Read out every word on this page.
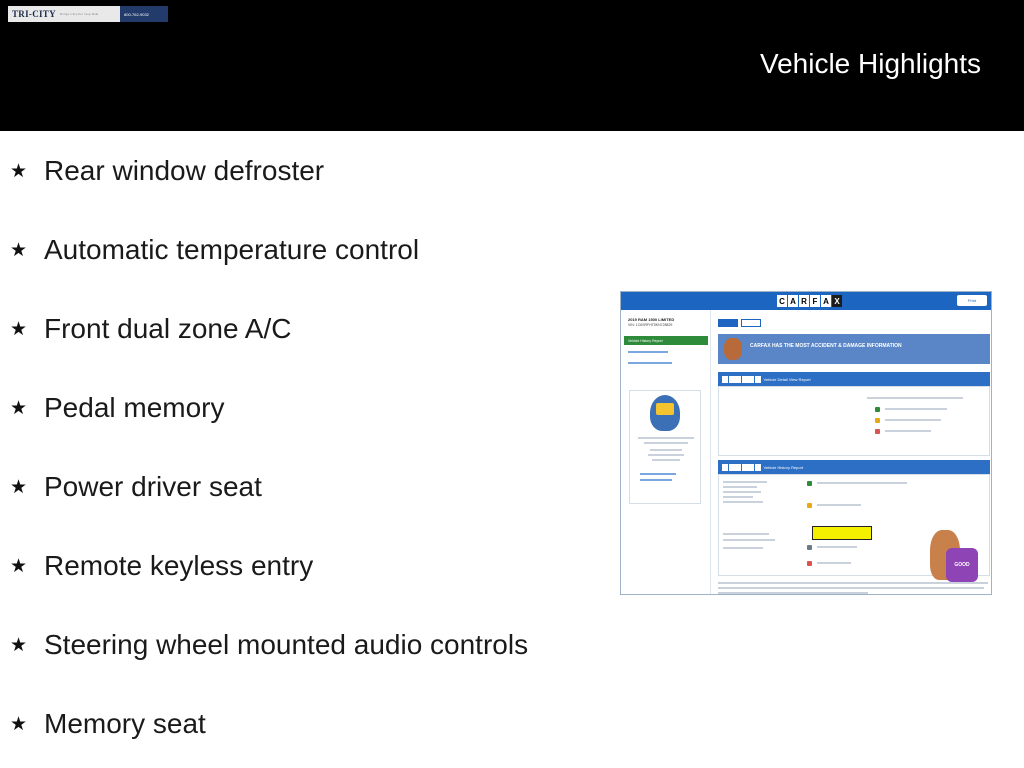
TRI-CITY Dodge Chrysler Jeep Ram	800-762-9032
Vehicle Highlights
★ Rear window defroster
★ Automatic temperature control
★ Front dual zone A/C
★ Pedal memory
★ Power driver seat
★ Remote keyless entry
★ Steering wheel mounted audio controls
★ Memory seat
C A R F A X	Print
2019 RAM 1500 LIMITED
VIN: 1C6SRFHT5KN728829
Vehicle History Report
CARFAX HAS THE MOST ACCIDENT & DAMAGE INFORMATION
Vehicle Detail View Report
Vehicle History Report
GOOD
